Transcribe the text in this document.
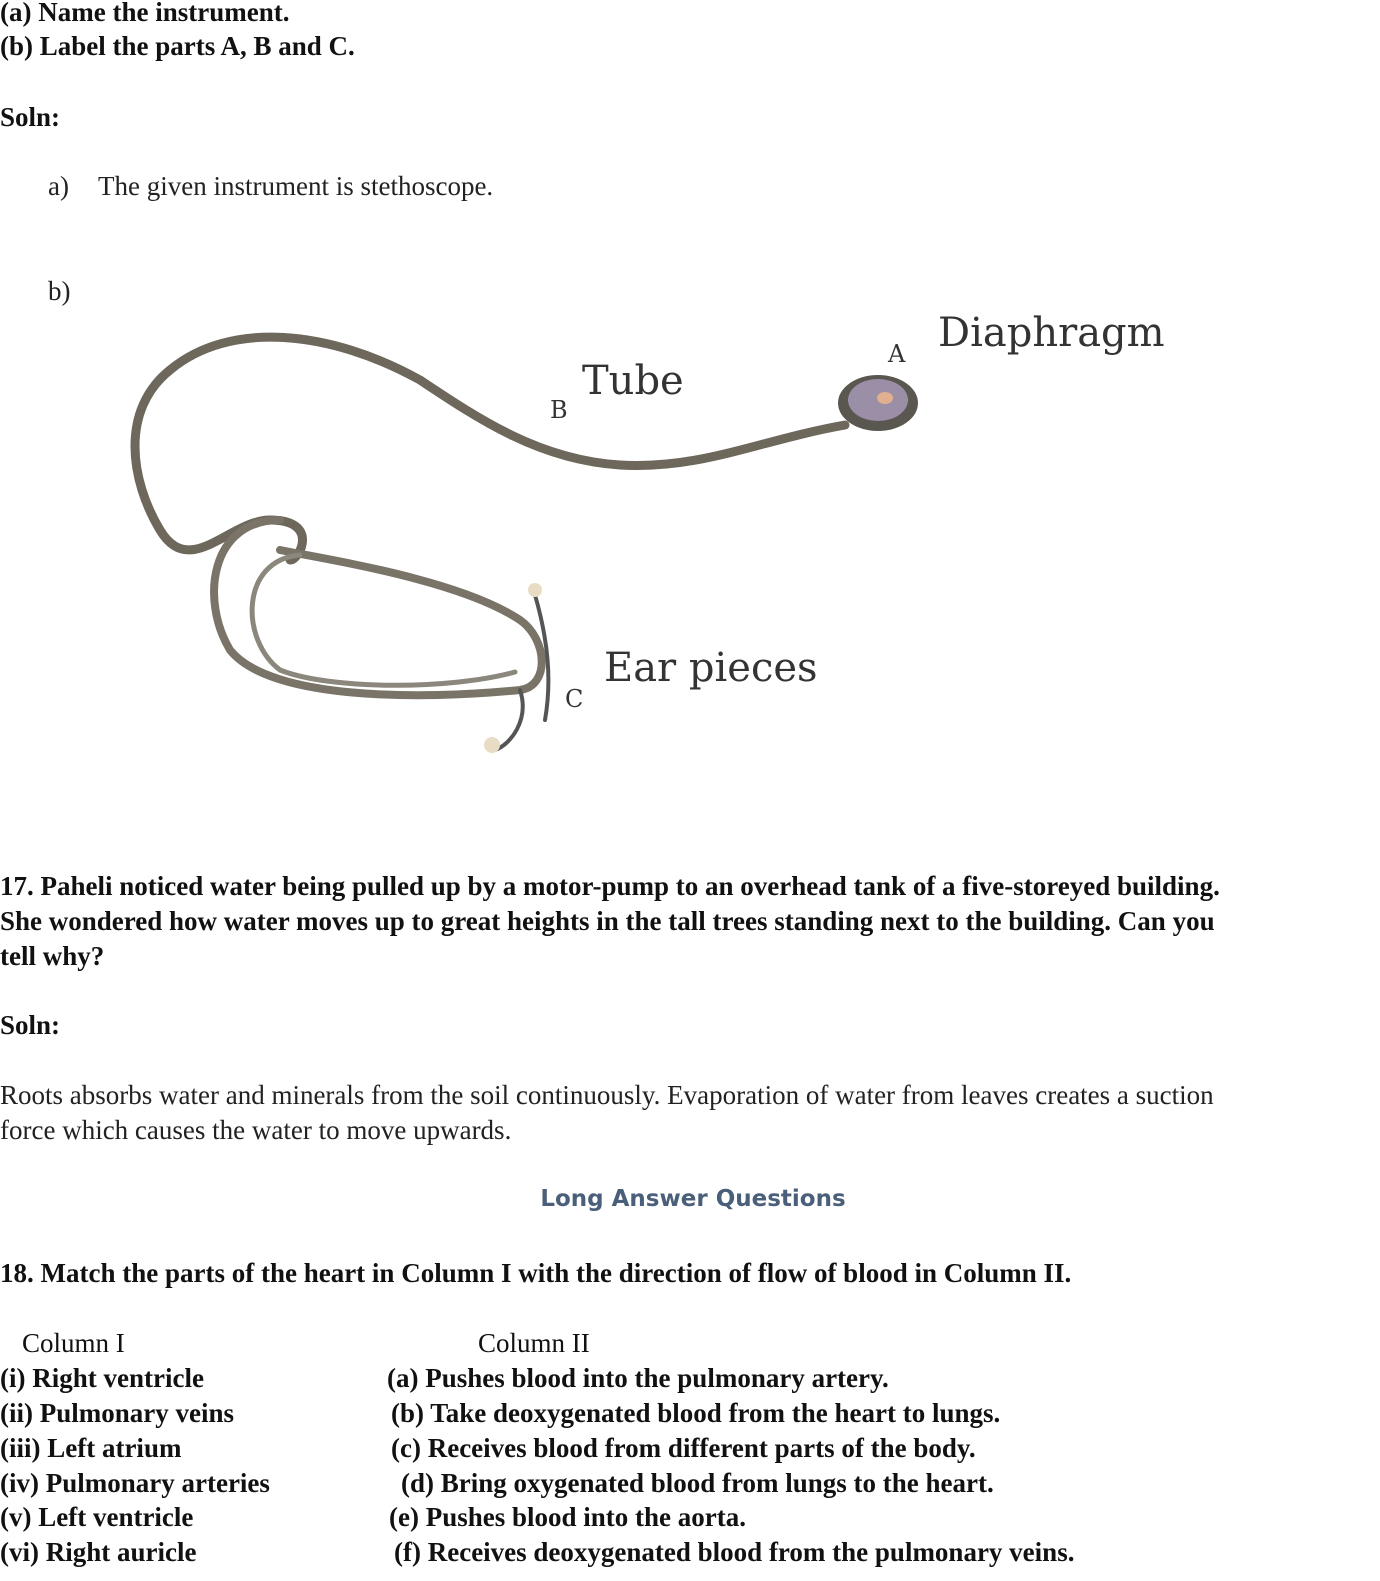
(a) Name the instrument.
(b) Label the parts A, B and C.
Soln:
a) The given instrument is stethoscope.
b)
A Diaphragm
B
Tube
C
Ear pieces
17. Paheli noticed water being pulled up by a motor-pump to an overhead tank of a five-storeyed building.
She wondered how water moves up to great heights in the tall trees standing next to the building. Can you
tell why?
Soln:
Roots absorbs water and minerals from the soil continuously. Evaporation of water from leaves creates a suction
force which causes the water to move upwards.
Long Answer Questions
18. Match the parts of the heart in Column I with the direction of flow of blood in Column II.
Column I	Column II
(i) Right ventricle
(ii) Pulmonary veins
(iii) Left atrium
(iv) Pulmonary arteries
(v) Left ventricle
(vi) Right auricle
(a) Pushes blood into the pulmonary artery.
(b) Take deoxygenated blood from the heart to lungs.
(c) Receives blood from different parts of the body.
(d) Bring oxygenated blood from lungs to the heart.
(e) Pushes blood into the aorta.
(f) Receives deoxygenated blood from the pulmonary veins.
